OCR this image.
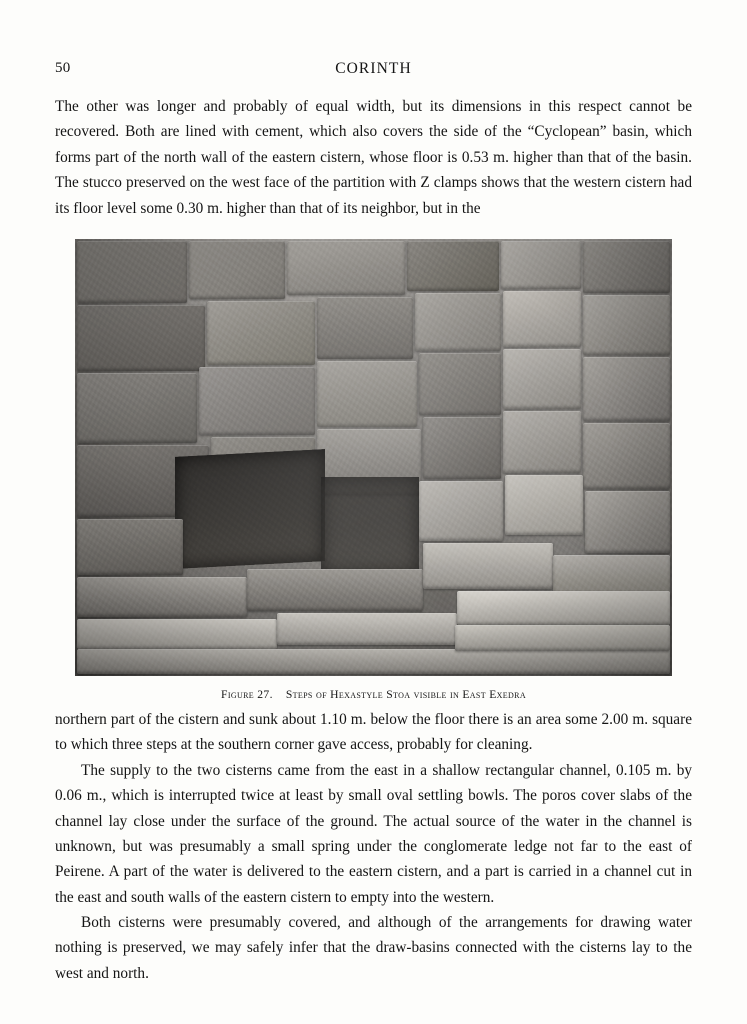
50	CORINTH

The other was longer and probably of equal width, but its dimensions in this respect cannot be recovered. Both are lined with cement, which also covers the side of the “Cyclopean” basin, which forms part of the north wall of the eastern cistern, whose floor is 0.53 m. higher than that of the basin. The stucco preserved on the west face of the partition with Z clamps shows that the western cistern had its floor level some 0.30 m. higher than that of its neighbor, but in the

Figure 27. Steps of Hexastyle Stoa visible in East Exedra

northern part of the cistern and sunk about 1.10 m. below the floor there is an area some 2.00 m. square to which three steps at the southern corner gave access, probably for cleaning.

The supply to the two cisterns came from the east in a shallow rectangular channel, 0.105 m. by 0.06 m., which is interrupted twice at least by small oval settling bowls. The poros cover slabs of the channel lay close under the surface of the ground. The actual source of the water in the channel is unknown, but was presumably a small spring under the conglomerate ledge not far to the east of Peirene. A part of the water is delivered to the eastern cistern, and a part is carried in a channel cut in the east and south walls of the eastern cistern to empty into the western.

Both cisterns were presumably covered, and although of the arrangements for drawing water nothing is preserved, we may safely infer that the draw-basins connected with the cisterns lay to the west and north.
